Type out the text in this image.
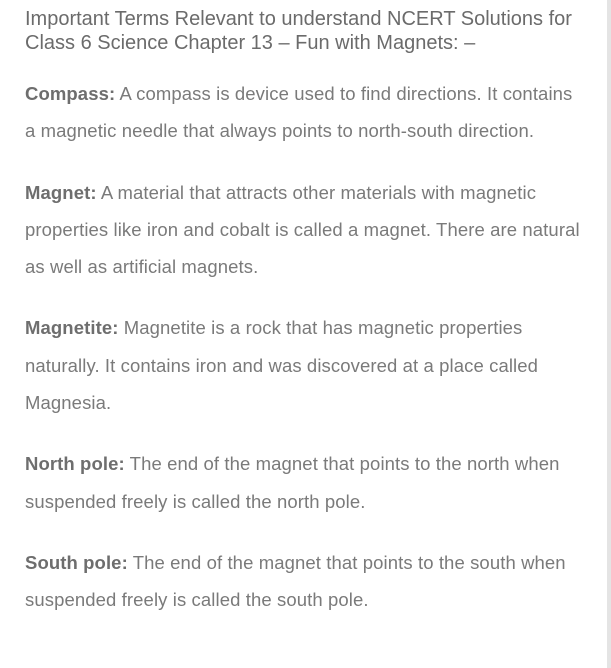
Important Terms Relevant to understand NCERT Solutions for Class 6 Science Chapter 13 – Fun with Magnets: –

Compass: A compass is device used to find directions. It contains a magnetic needle that always points to north-south direction.

Magnet: A material that attracts other materials with magnetic properties like iron and cobalt is called a magnet. There are natural as well as artificial magnets.

Magnetite: Magnetite is a rock that has magnetic properties naturally. It contains iron and was discovered at a place called Magnesia.

North pole: The end of the magnet that points to the north when suspended freely is called the north pole.

South pole: The end of the magnet that points to the south when suspended freely is called the south pole.
